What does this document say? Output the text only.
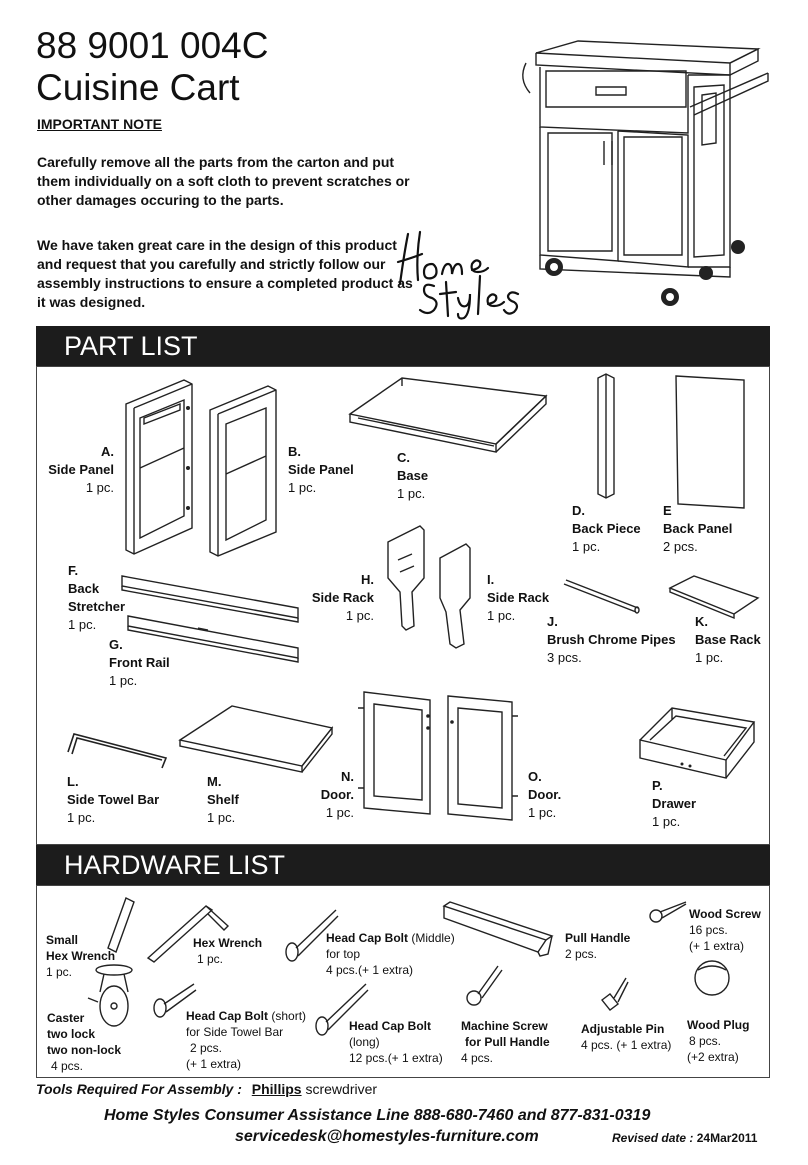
88 9001 004C
Cuisine Cart
IMPORTANT NOTE
Carefully remove all the parts from the carton and put them individually on a soft cloth to prevent scratches or other damages occuring to the parts.
We have taken great care in the design of this product and request that you carefully and strictly follow our assembly instructions to ensure a completed product as it was designed.
PART LIST
A.
Side Panel
1 pc.
B.
Side Panel
1 pc.
C.
Base
1 pc.
D.
Back Piece
1 pc.
E
Back Panel
2 pcs.
F.
Back
Stretcher
1 pc.
G.
Front Rail
1 pc.
H.
Side Rack
1 pc.
I.
Side Rack
1 pc.	J.
Brush Chrome Pipes
3 pcs.
K.
Base Rack
1 pc.
L.
Side Towel Bar
1 pc.
M.
Shelf
1 pc.
N.
Door.
1 pc.
O.
Door.
1 pc.
P.
Drawer
1 pc.
HARDWARE LIST
Small
Hex Wrench
1 pc.
Hex Wrench
1 pc.
Head Cap Bolt (Middle)
for top
4 pcs.(+ 1 extra)
Pull Handle
2 pcs.
Wood Screw
16 pcs.
(+ 1 extra)
Caster
two lock
two non-lock
4 pcs.
Head Cap Bolt (short)
for Side Towel Bar
2 pcs.
(+ 1 extra)
Head Cap Bolt
(long)
12 pcs.(+ 1 extra)
Machine Screw
for Pull Handle
4 pcs.
Adjustable Pin
4 pcs. (+ 1 extra)
Wood Plug
8 pcs.
(+2 extra)
Tools Required For Assembly : Phillips screwdriver
Home Styles Consumer Assistance Line 888-680-7460 and 877-831-0319
servicedesk@homestyles-furniture.com	Revised date : 24Mar2011
